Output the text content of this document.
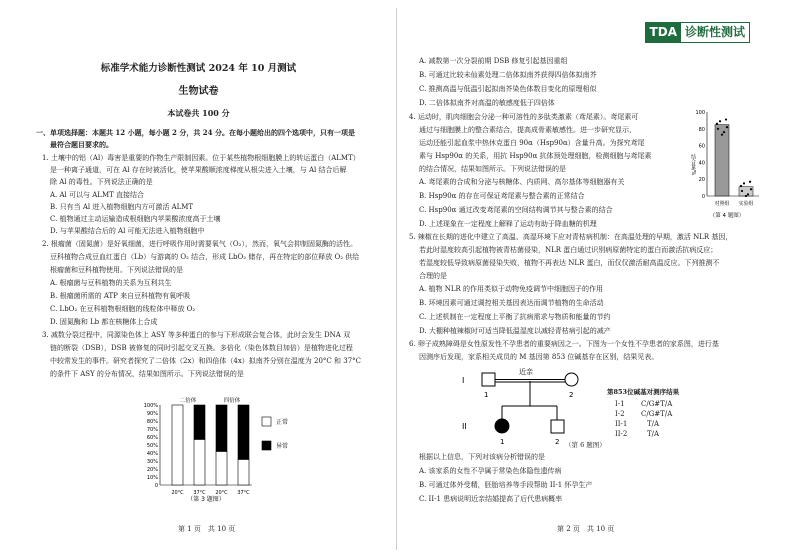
标准学术能力诊断性测试 2024 年 10 月测试
生物试卷
本试卷共 100 分
一、单项选择题：本题共 12 小题，每小题 2 分，共 24 分。在每小题给出的四个选项中，只有一项是
最符合题目要求的。
1. 土壤中的铝（Al）毒害是重要的作物生产限制因素。位于某些植物根细胞膜上的转运蛋白（ALMT）
是一种离子通道，可在 Al 存在时被活化，使苹果酸顺浓度梯度从根尖进入土壤，与 Al 结合后解
除 Al 的毒性。下列说法正确的是
A. Al 可以与 ALMT 直接结合
B. 只有当 Al 进入植物细胞内方可激活 ALMT
C. 植物通过主动运输造成根细胞内苹果酸浓度高于土壤
D. 与苹果酸结合后的 Al 可能无法进入植物细胞中
2. 根瘤菌（固氮菌）是好氧细菌，进行呼吸作用时需要氧气（O₂），然而，氧气会抑制固氮酶的活性。
豆科植物合成豆血红蛋白（Lb）与游离的 O₂ 结合，形成 LbO₂ 储存，再在特定的部位释放 O₂ 供给
根瘤菌和豆科植物使用。下列说法错误的是
A. 根瘤菌与豆科植物的关系为互利共生
B. 根瘤菌所需的 ATP 来自豆科植物有氧呼吸
C. LbO₂ 在豆科植物根细胞的线粒体中释放 O₂
D. 固氮酶和 Lb 都在核糖体上合成
3. 减数分裂过程中，同源染色体上 ASY 等多种蛋白的参与下形成联会复合体，此时会发生 DNA 双
链的断裂（DSB），DSB 被修复的同时引起交叉互换。多倍化（染色体数目加倍）是植物进化过程
中较常发生的事件。研究者探究了二倍体（2x）和四倍体（4x）拟南芥分别在温度为 20°C 和 37°C
的条件下 ASY 的分布情况，结果如图所示。下列说法错误的是
0
10%
20%
30%
40%
50%
60%
70%
80%
90%
100%
20°C 37°C 20°C 37°C
二倍体	四倍体
正常
异常
（第 3 题图）
第 1 页　共 10 页
TDA 诊断性测试
A. 减数第一次分裂前期 DSB 修复引起基因重组
B. 可通过比较未仙素处理二倍体拟南芥获得四倍体拟南芥
C. 推测高温与低温引起拟南芥染色体数目变化的原理相似
D. 二倍体拟南芥对高温的敏感度低于四倍体
4. 运动时，肌肉细胞会分泌一种可溶性的多肽类激素（鸢尾素）。鸢尾素可
通过与细胞膜上的整合素结合，提高成骨素敏感性。进一步研究显示，
运动还能引起血浆中热休克蛋白 90α（Hsp90α）含量升高。为探究鸢尾
素与 Hsp90α 的关系，用抗 Hsp90α 抗体预处理细胞，检测细胞与鸢尾素
的结合情况，结果如图所示。下列说法错误的是
A. 鸢尾素的合成和分泌与核糖体、内质网、高尔基体等细胞器有关
B. Hsp90α 的存在可保证鸢尾素与整合素的正常结合
C. Hsp90α 通过改变鸢尾素的空间结构调节其与整合素的结合
D. 上述现象在一定程度上解释了运动有助于降血糖的机理
0
20
40
60
80
100
结合量/%
对照组 实验组
（第 4 题图）
5. 辣椒在长期的进化中建立了高温、高湿环境下应对青枯病机制：在高温处理的早期，激活 NLR 基因，
若此时湿度较高引起植物被青枯菌侵染，NLR 蛋白通过识别病原菌特定的蛋白而激活抗病反应；
若湿度较低导致病原菌侵染失败，植物不再表达 NLR 蛋白，而仅仅激活耐高温反应。下列推测不
合理的是
A. 植物 NLR 的作用类似于动物免疫调节中细胞因子的作用
B. 环境因素可通过调控相关基因表达而调节植物的生命活动
C. 上述机制在一定程度上平衡了抗病需求与物质和能量的节约
D. 大棚种植辣椒时可适当降低温湿度以减轻青枯病引起的减产
6. 卵子成熟障碍是女性原发性不孕患者的重要病因之一。下图为一个女性不孕患者的家系图，进行基
因测序后发现，家系相关成员的 M 基因第 853 位碱基存在区别，结果见表。
I
II
近亲
1	2
1	2
第853位碱基对测序结果
I-1 C/G#T/A
I-2 C/G#T/A
II-1	T/A
II-2	T/A
（第 6 题图）
根据以上信息，下列对该病分析错误的是
A. 该家系的女性不孕属于常染色体隐性遗传病
B. 可通过体外受精，胚胎培养等手段帮助 II-1 怀孕生产
C. II-1 患病说明近亲结婚提高了后代患病概率
第 2 页　共 10 页
